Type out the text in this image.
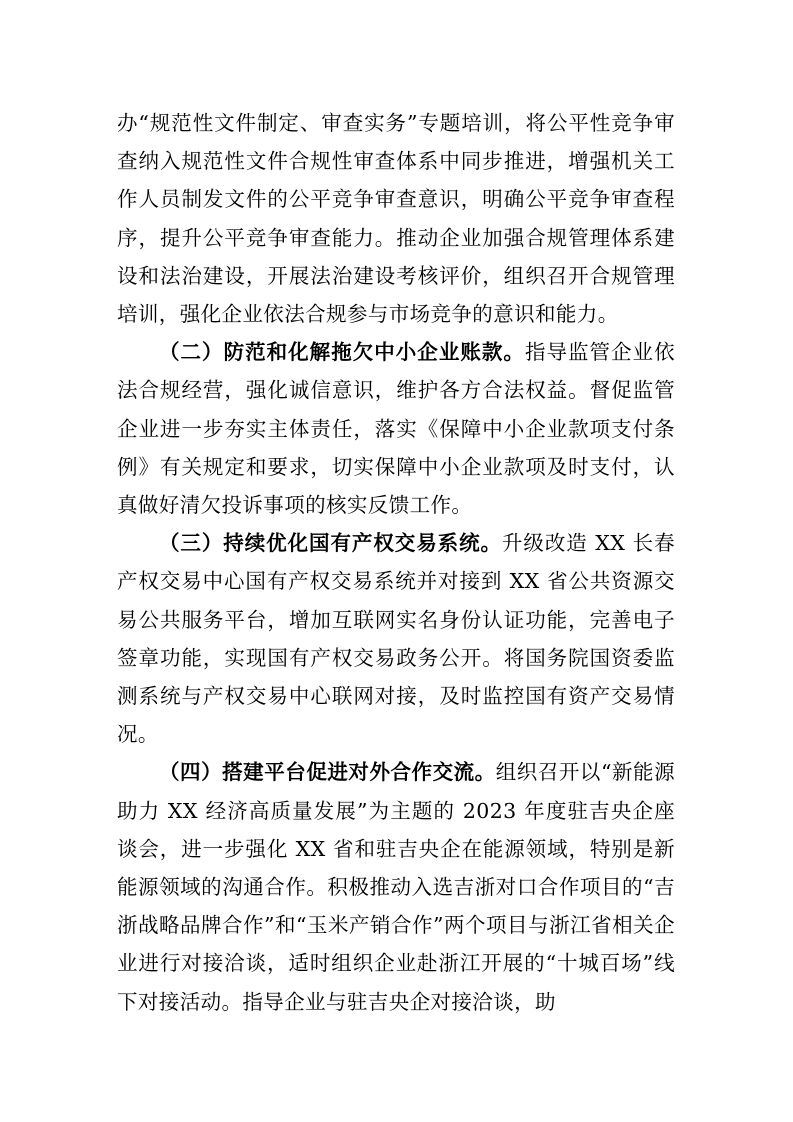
办“规范性文件制定、审查实务”专题培训，将公平性竞争审查纳入规范性文件合规性审查体系中同步推进，增强机关工作人员制发文件的公平竞争审查意识，明确公平竞争审查程序，提升公平竞争审查能力。推动企业加强合规管理体系建设和法治建设，开展法治建设考核评价，组织召开合规管理培训，强化企业依法合规参与市场竞争的意识和能力。

（二）防范和化解拖欠中小企业账款。指导监管企业依法合规经营，强化诚信意识，维护各方合法权益。督促监管企业进一步夯实主体责任，落实《保障中小企业款项支付条例》有关规定和要求，切实保障中小企业款项及时支付，认真做好清欠投诉事项的核实反馈工作。

（三）持续优化国有产权交易系统。升级改造 XX 长春产权交易中心国有产权交易系统并对接到 XX 省公共资源交易公共服务平台，增加互联网实名身份认证功能，完善电子签章功能，实现国有产权交易政务公开。将国务院国资委监测系统与产权交易中心联网对接，及时监控国有资产交易情况。

（四）搭建平台促进对外合作交流。组织召开以“新能源助力 XX 经济高质量发展”为主题的 2023 年度驻吉央企座谈会，进一步强化 XX 省和驻吉央企在能源领域，特别是新能源领域的沟通合作。积极推动入选吉浙对口合作项目的“吉浙战略品牌合作”和“玉米产销合作”两个项目与浙江省相关企业进行对接洽谈，适时组织企业赴浙江开展的“十城百场”线下对接活动。指导企业与驻吉央企对接洽谈，助
